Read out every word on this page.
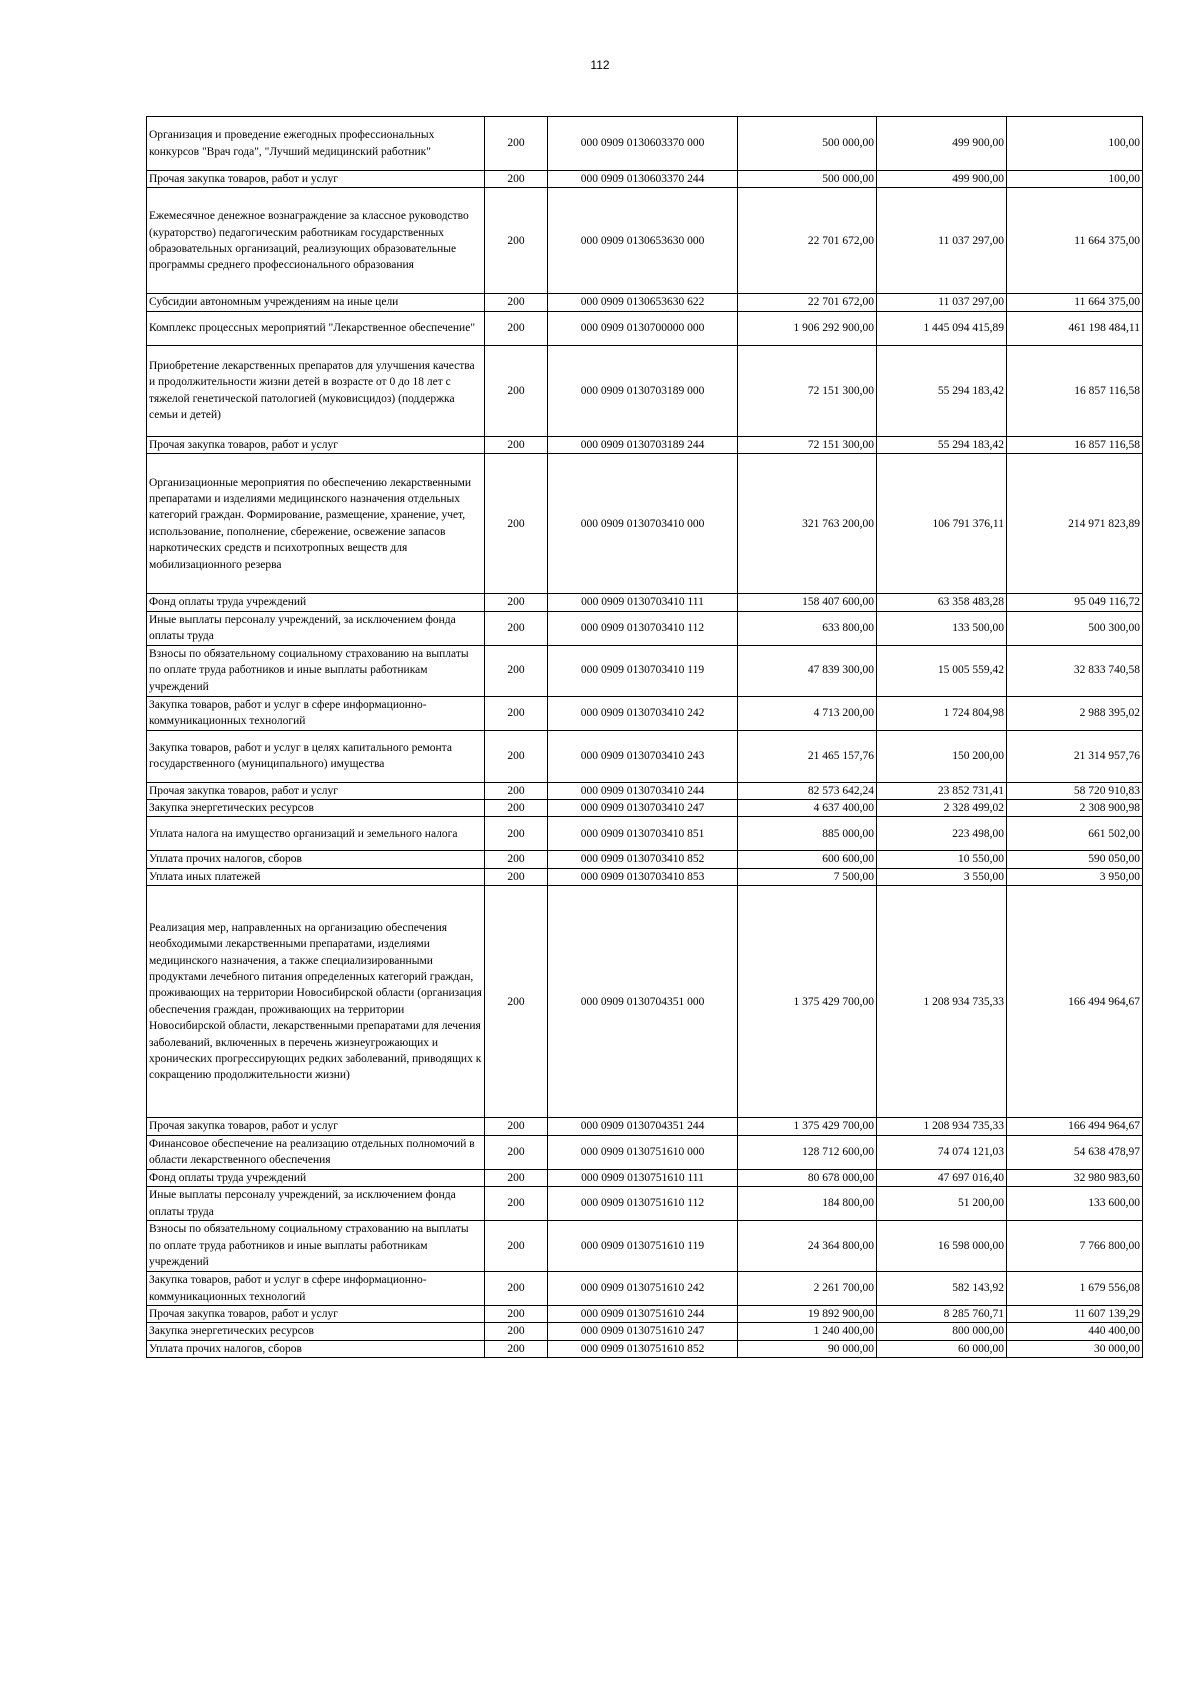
112
Организация и проведение ежегодных профессиональных конкурсов "Врач года", "Лучший медицинский работник"	200	000 0909 0130603370 000	500 000,00	499 900,00	100,00
Прочая закупка товаров, работ и услуг	200	000 0909 0130603370 244	500 000,00	499 900,00	100,00
Ежемесячное денежное вознаграждение за классное руководство (кураторство) педагогическим работникам государственных образовательных организаций, реализующих образовательные программы среднего профессионального образования	200	000 0909 0130653630 000	22 701 672,00	11 037 297,00	11 664 375,00
Субсидии автономным учреждениям на иные цели	200	000 0909 0130653630 622	22 701 672,00	11 037 297,00	11 664 375,00
Комплекс процессных мероприятий "Лекарственное обеспечение"	200	000 0909 0130700000 000	1 906 292 900,00	1 445 094 415,89	461 198 484,11
Приобретение лекарственных препаратов для улучшения качества и продолжительности жизни детей в возрасте от 0 до 18 лет с тяжелой генетической патологией (муковисцидоз) (поддержка семьи и детей)	200	000 0909 0130703189 000	72 151 300,00	55 294 183,42	16 857 116,58
Прочая закупка товаров, работ и услуг	200	000 0909 0130703189 244	72 151 300,00	55 294 183,42	16 857 116,58
Организационные мероприятия по обеспечению лекарственными препаратами и изделиями медицинского назначения отдельных категорий граждан. Формирование, размещение, хранение, учет, использование, пополнение, сбережение, освежение запасов наркотических средств и психотропных веществ для мобилизационного резерва	200	000 0909 0130703410 000	321 763 200,00	106 791 376,11	214 971 823,89
Фонд оплаты труда учреждений	200	000 0909 0130703410 111	158 407 600,00	63 358 483,28	95 049 116,72
Иные выплаты персоналу учреждений, за исключением фонда оплаты труда	200	000 0909 0130703410 112	633 800,00	133 500,00	500 300,00
Взносы по обязательному социальному страхованию на выплаты по оплате труда работников и иные выплаты работникам учреждений	200	000 0909 0130703410 119	47 839 300,00	15 005 559,42	32 833 740,58
Закупка товаров, работ и услуг в сфере информационно-коммуникационных технологий	200	000 0909 0130703410 242	4 713 200,00	1 724 804,98	2 988 395,02
Закупка товаров, работ и услуг в целях капитального ремонта государственного (муниципального) имущества	200	000 0909 0130703410 243	21 465 157,76	150 200,00	21 314 957,76
Прочая закупка товаров, работ и услуг	200	000 0909 0130703410 244	82 573 642,24	23 852 731,41	58 720 910,83
Закупка энергетических ресурсов	200	000 0909 0130703410 247	4 637 400,00	2 328 499,02	2 308 900,98
Уплата налога на имущество организаций и земельного налога	200	000 0909 0130703410 851	885 000,00	223 498,00	661 502,00
Уплата прочих налогов, сборов	200	000 0909 0130703410 852	600 600,00	10 550,00	590 050,00
Уплата иных платежей	200	000 0909 0130703410 853	7 500,00	3 550,00	3 950,00
Реализация мер, направленных на организацию обеспечения необходимыми лекарственными препаратами, изделиями медицинского назначения, а также специализированными продуктами лечебного питания определенных категорий граждан, проживающих на территории Новосибирской области (организация обеспечения граждан, проживающих на территории Новосибирской области, лекарственными препаратами для лечения заболеваний, включенных в перечень жизнеугрожающих и хронических прогрессирующих редких заболеваний, приводящих к сокращению продолжительности жизни)	200	000 0909 0130704351 000	1 375 429 700,00	1 208 934 735,33	166 494 964,67
Прочая закупка товаров, работ и услуг	200	000 0909 0130704351 244	1 375 429 700,00	1 208 934 735,33	166 494 964,67
Финансовое обеспечение на реализацию отдельных полномочий в области лекарственного обеспечения	200	000 0909 0130751610 000	128 712 600,00	74 074 121,03	54 638 478,97
Фонд оплаты труда учреждений	200	000 0909 0130751610 111	80 678 000,00	47 697 016,40	32 980 983,60
Иные выплаты персоналу учреждений, за исключением фонда оплаты труда	200	000 0909 0130751610 112	184 800,00	51 200,00	133 600,00
Взносы по обязательному социальному страхованию на выплаты по оплате труда работников и иные выплаты работникам учреждений	200	000 0909 0130751610 119	24 364 800,00	16 598 000,00	7 766 800,00
Закупка товаров, работ и услуг в сфере информационно-коммуникационных технологий	200	000 0909 0130751610 242	2 261 700,00	582 143,92	1 679 556,08
Прочая закупка товаров, работ и услуг	200	000 0909 0130751610 244	19 892 900,00	8 285 760,71	11 607 139,29
Закупка энергетических ресурсов	200	000 0909 0130751610 247	1 240 400,00	800 000,00	440 400,00
Уплата прочих налогов, сборов	200	000 0909 0130751610 852	90 000,00	60 000,00	30 000,00
